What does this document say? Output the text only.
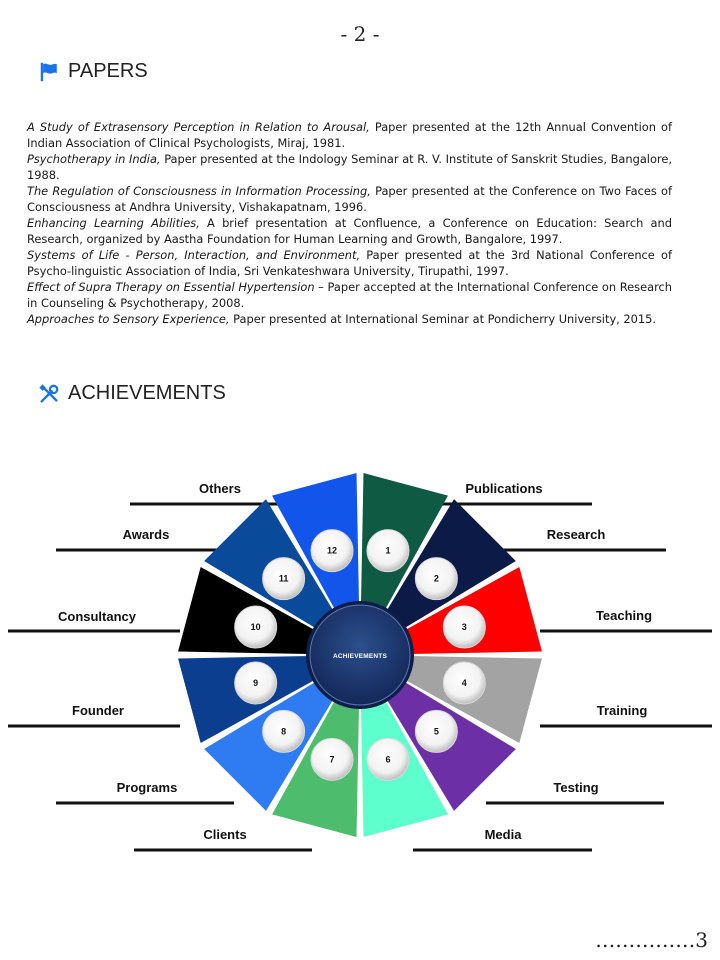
- 2 -
PAPERS
A Study of Extrasensory Perception in Relation to Arousal, Paper presented at the 12th Annual Convention of Indian Association of Clinical Psychologists, Miraj, 1981.
Psychotherapy in India, Paper presented at the Indology Seminar at R. V. Institute of Sanskrit Studies, Bangalore, 1988.
The Regulation of Consciousness in Information Processing, Paper presented at the Conference on Two Faces of Consciousness at Andhra University, Vishakapatnam, 1996.
Enhancing Learning Abilities, A brief presentation at Confluence, a Conference on Education: Search and Research, organized by Aastha Foundation for Human Learning and Growth, Bangalore, 1997.
Systems of Life - Person, Interaction, and Environment, Paper presented at the 3rd National Conference of Psycho-linguistic Association of India, Sri Venkateshwara University, Tirupathi, 1997.
Effect of Supra Therapy on Essential Hypertension – Paper accepted at the International Conference on Research in Counseling & Psychotherapy, 2008.
Approaches to Sensory Experience, Paper presented at International Seminar at Pondicherry University, 2015.
ACHIEVEMENTS
1
2
3
4
5
6
7
8
9
10
11
12
ACHIEVEMENTS
Publications
Research
Teaching
Training
Testing
Media
Clients
Programs
Founder
Consultancy
Awards
Others
……………3
